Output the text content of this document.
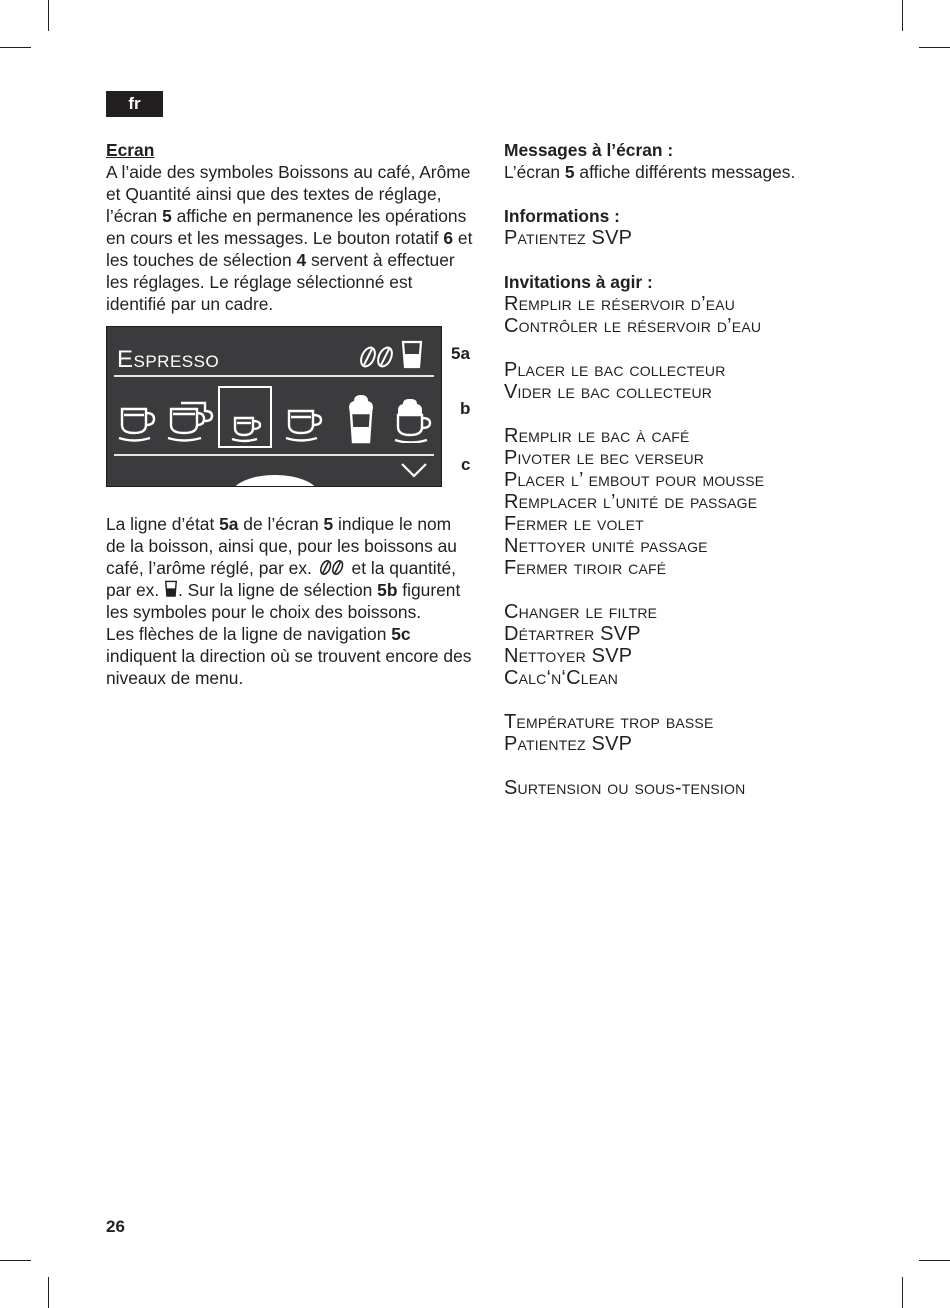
fr

Ecran

A l’aide des symboles Boissons au café, Arôme et Quantité ainsi que des textes de réglage, l’écran 5 affiche en permanence les opérations en cours et les messages. Le bouton rotatif 6 et les touches de sélection 4 servent à effectuer les réglages. Le réglage sélectionné est identifié par un cadre.

Espresso	5a
b
c

La ligne d’état 5a de l’écran 5 indique le nom de la boisson, ainsi que, pour les boissons au café, l’arôme réglé, par ex.  et la quantité, par ex. . Sur la ligne de sélection 5b figurent les symboles pour le choix des boissons.

Les flèches de la ligne de navigation 5c indiquent la direction où se trouvent encore des niveaux de menu.

Messages à l’écran :
L’écran 5 affiche différents messages.
Informations :
Patientez SVP
Invitations à agir :
Remplir le réservoir d’eau
Contrôler le réservoir d’eau
Placer le bac collecteur
Vider le bac collecteur
Remplir le bac à café
Pivoter le bec verseur
Placer l’ embout pour mousse
Remplacer l’unité de passage
Fermer le volet
Nettoyer unité passage
Fermer tiroir café
Changer le filtre
Détartrer SVP
Nettoyer SVP
Calc‘n‘Clean
Température trop basse
Patientez SVP
Surtension ou sous-tension
26
